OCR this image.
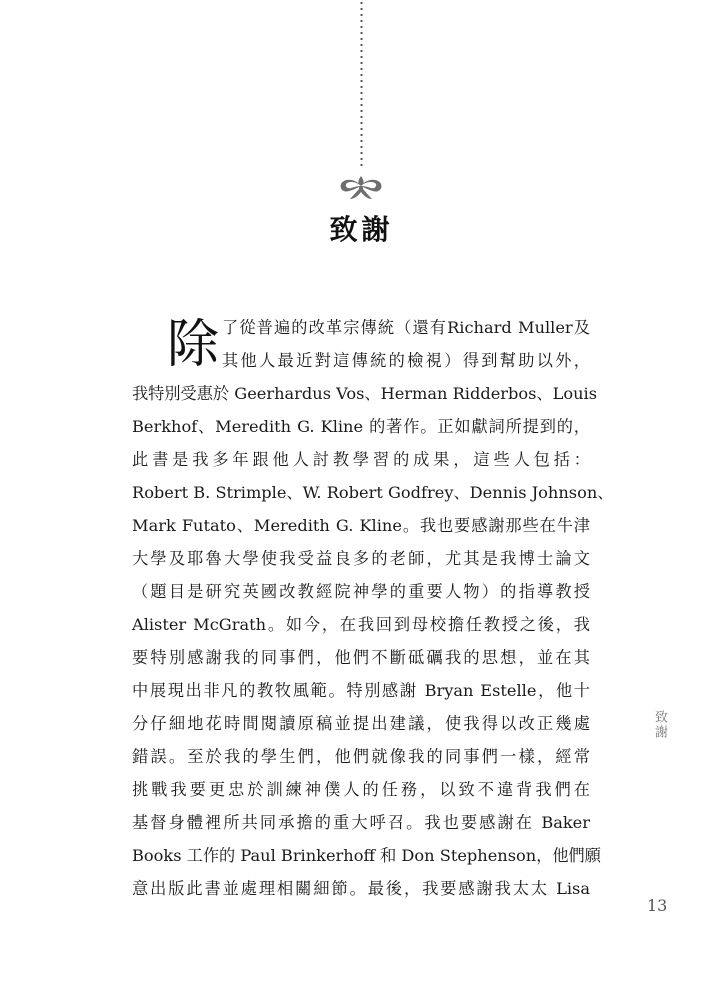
致謝
除 了從普遍的改革宗傳統（還有Richard Muller及
其他人最近對這傳統的檢視）得到幫助以外，
我特別受惠於 Geerhardus Vos、Herman Ridderbos、Louis
Berkhof、Meredith G. Kline 的著作。正如獻詞所提到的，
此書是我多年跟他人討教學習的成果，這些人包括：
Robert B. Strimple、W. Robert Godfrey、Dennis Johnson、
Mark Futato、Meredith G. Kline。我也要感謝那些在牛津
大學及耶魯大學使我受益良多的老師，尤其是我博士論文
（題目是研究英國改教經院神學的重要人物）的指導教授
Alister McGrath。如今，在我回到母校擔任教授之後，我
要特別感謝我的同事們，他們不斷砥礪我的思想，並在其
中展現出非凡的教牧風範。特別感謝 Bryan Estelle，他十
分仔細地花時間閱讀原稿並提出建議，使我得以改正幾處
錯誤。至於我的學生們，他們就像我的同事們一樣，經常
挑戰我要更忠於訓練神僕人的任務，以致不違背我們在
基督身體裡所共同承擔的重大呼召。我也要感謝在 Baker
Books 工作的 Paul Brinkerhoff 和 Don Stephenson，他們願
意出版此書並處理相關細節。最後，我要感謝我太太 Lisa
致謝
13
